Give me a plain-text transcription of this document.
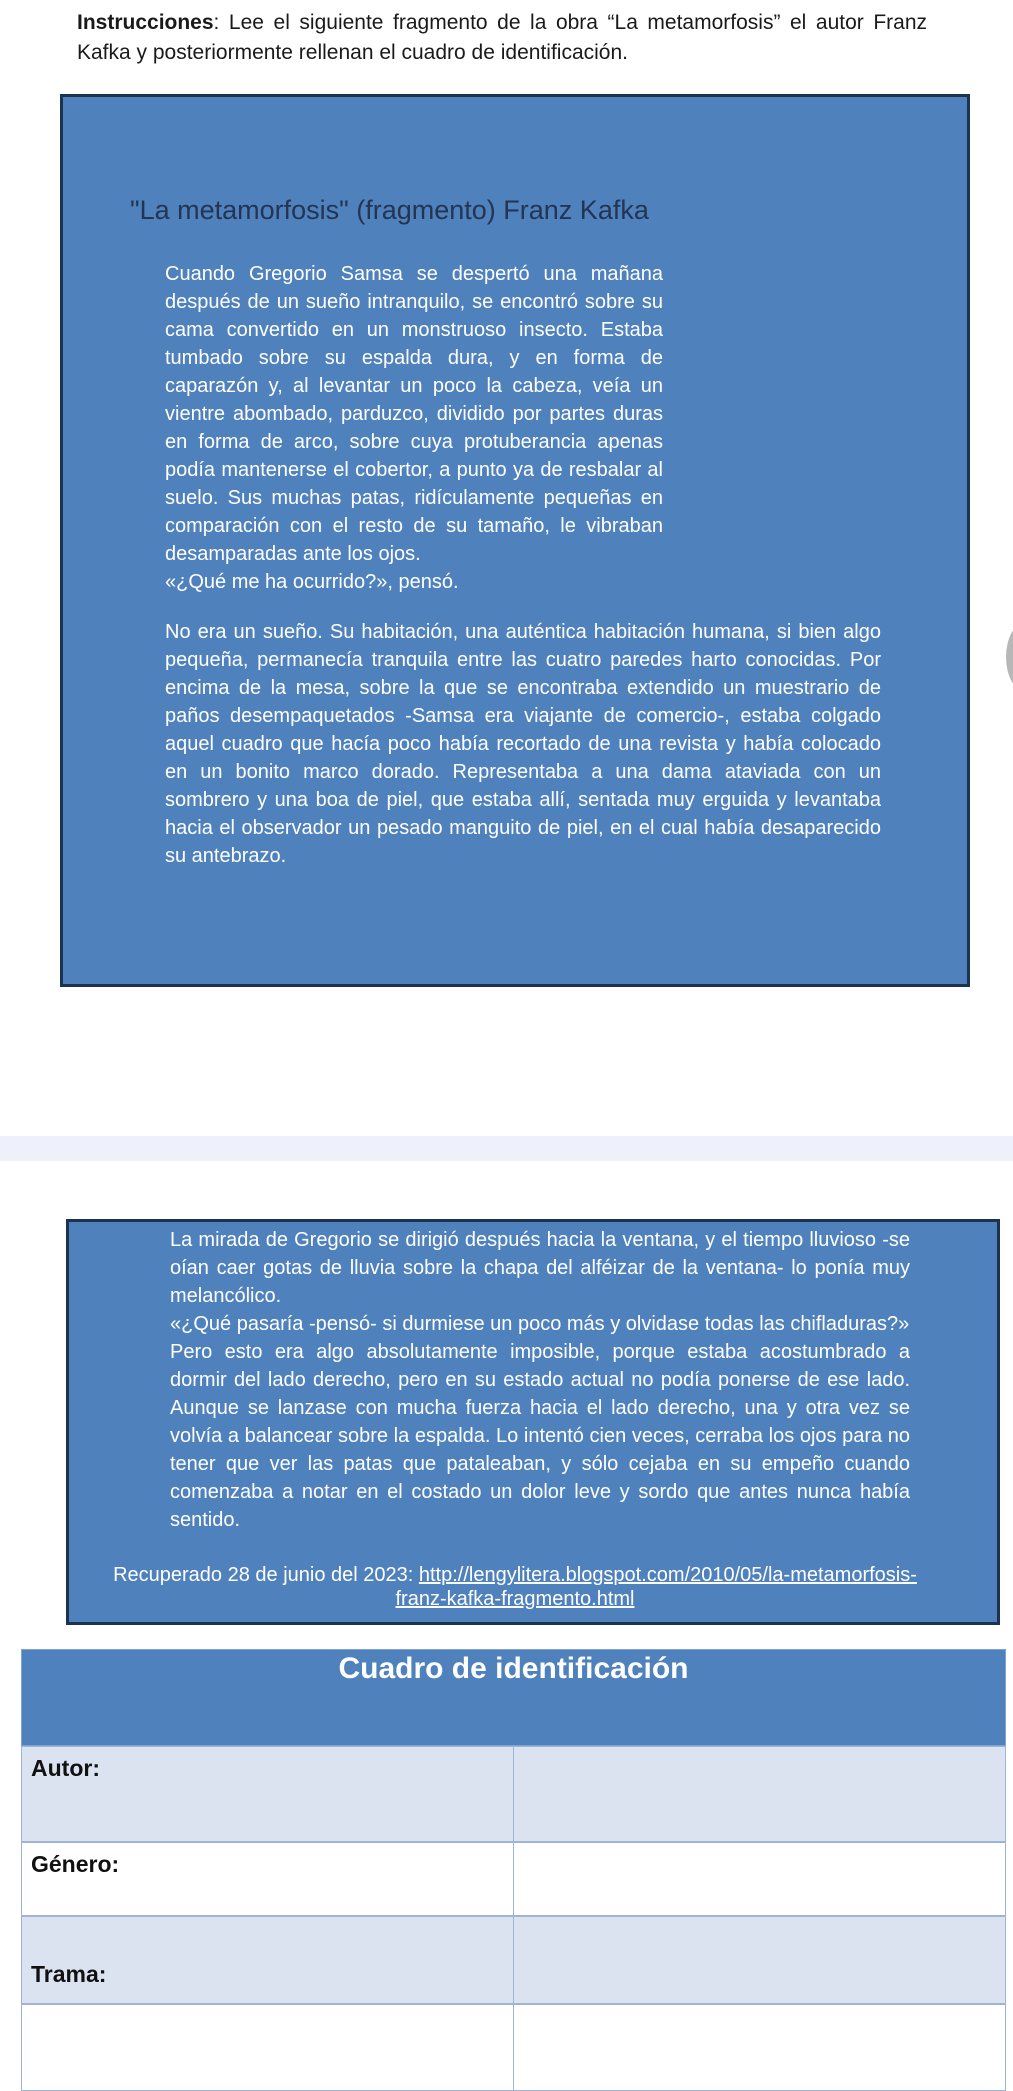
Instrucciones: Lee el siguiente fragmento de la obra “La metamorfosis” el autor Franz Kafka y posteriormente rellenan el cuadro de identificación.
"La metamorfosis" (fragmento) Franz Kafka
Cuando Gregorio Samsa se despertó una mañana después de un sueño intranquilo, se encontró sobre su cama convertido en un monstruoso insecto. Estaba tumbado sobre su espalda dura, y en forma de caparazón y, al levantar un poco la cabeza, veía un vientre abombado, parduzco, dividido por partes duras en forma de arco, sobre cuya protuberancia apenas podía mantenerse el cobertor, a punto ya de resbalar al suelo. Sus muchas patas, ridículamente pequeñas en comparación con el resto de su tamaño, le vibraban desamparadas ante los ojos.
«¿Qué me ha ocurrido?», pensó.
No era un sueño. Su habitación, una auténtica habitación humana, si bien algo pequeña, permanecía tranquila entre las cuatro paredes harto conocidas. Por encima de la mesa, sobre la que se encontraba extendido un muestrario de paños desempaquetados -Samsa era viajante de comercio-, estaba colgado aquel cuadro que hacía poco había recortado de una revista y había colocado en un bonito marco dorado. Representaba a una dama ataviada con un sombrero y una boa de piel, que estaba allí, sentada muy erguida y levantaba hacia el observador un pesado manguito de piel, en el cual había desaparecido su antebrazo.
La mirada de Gregorio se dirigió después hacia la ventana, y el tiempo lluvioso -se oían caer gotas de lluvia sobre la chapa del alféizar de la ventana- lo ponía muy melancólico.
«¿Qué pasaría -pensó- si durmiese un poco más y olvidase todas las chifladuras?»
Pero esto era algo absolutamente imposible, porque estaba acostumbrado a dormir del lado derecho, pero en su estado actual no podía ponerse de ese lado. Aunque se lanzase con mucha fuerza hacia el lado derecho, una y otra vez se volvía a balancear sobre la espalda. Lo intentó cien veces, cerraba los ojos para no tener que ver las patas que pataleaban, y sólo cejaba en su empeño cuando comenzaba a notar en el costado un dolor leve y sordo que antes nunca había sentido.
Recuperado 28 de junio del 2023: http://lengylitera.blogspot.com/2010/05/la-metamorfosis-franz-kafka-fragmento.html
Cuadro de identificación
Autor:
Género:
Trama:
